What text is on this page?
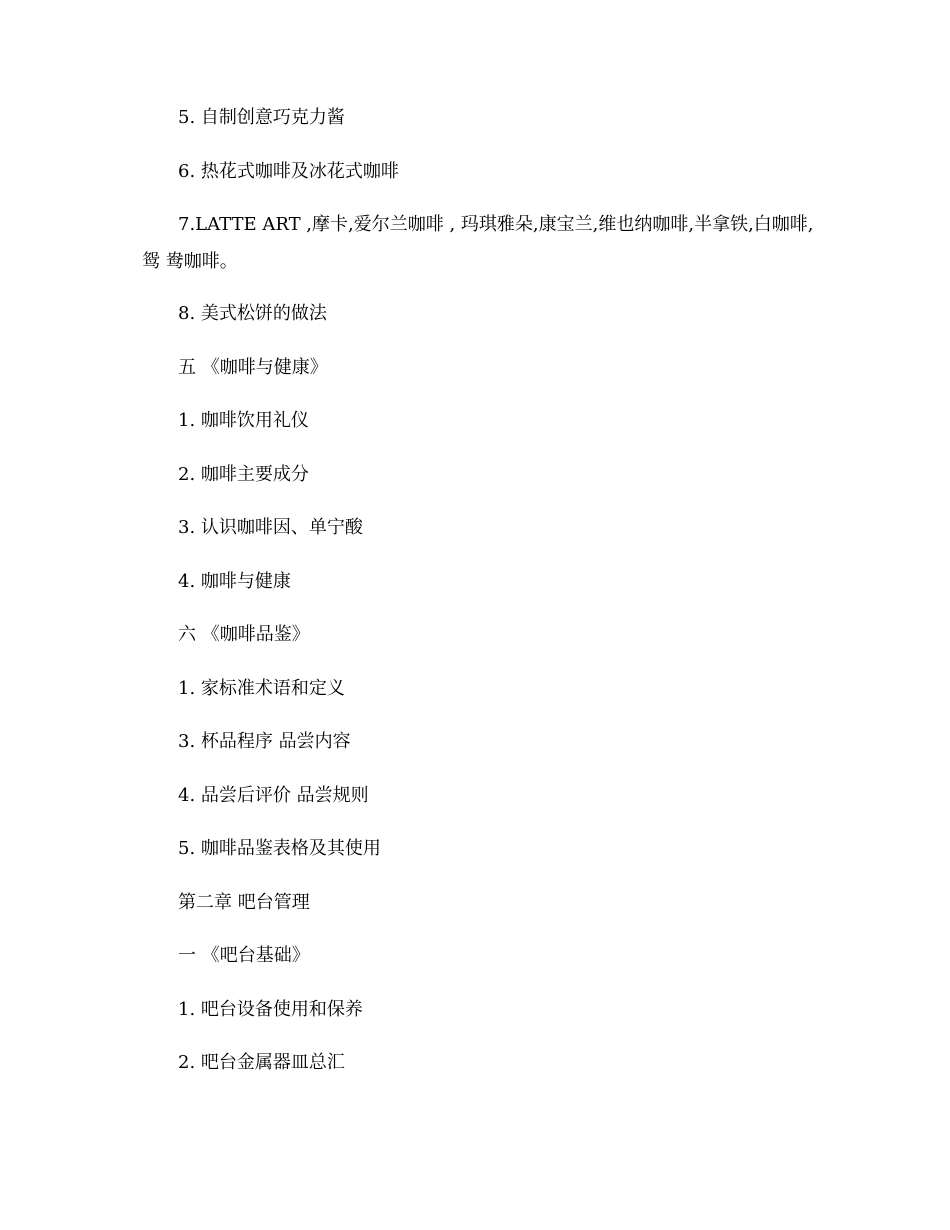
5. 自制创意巧克力酱
6. 热花式咖啡及冰花式咖啡
7.LATTE ART ,摩卡,爱尔兰咖啡 , 玛琪雅朵,康宝兰,维也纳咖啡,半拿铁,白咖啡,
鸳 鸯咖啡。
8. 美式松饼的做法
五 《咖啡与健康》
1. 咖啡饮用礼仪
2. 咖啡主要成分
3. 认识咖啡因、单宁酸
4. 咖啡与健康
六 《咖啡品鉴》
1. 家标准术语和定义
3. 杯品程序 品尝内容
4. 品尝后评价 品尝规则
5. 咖啡品鉴表格及其使用
第二章 吧台管理
一 《吧台基础》
1. 吧台设备使用和保养
2. 吧台金属器皿总汇
